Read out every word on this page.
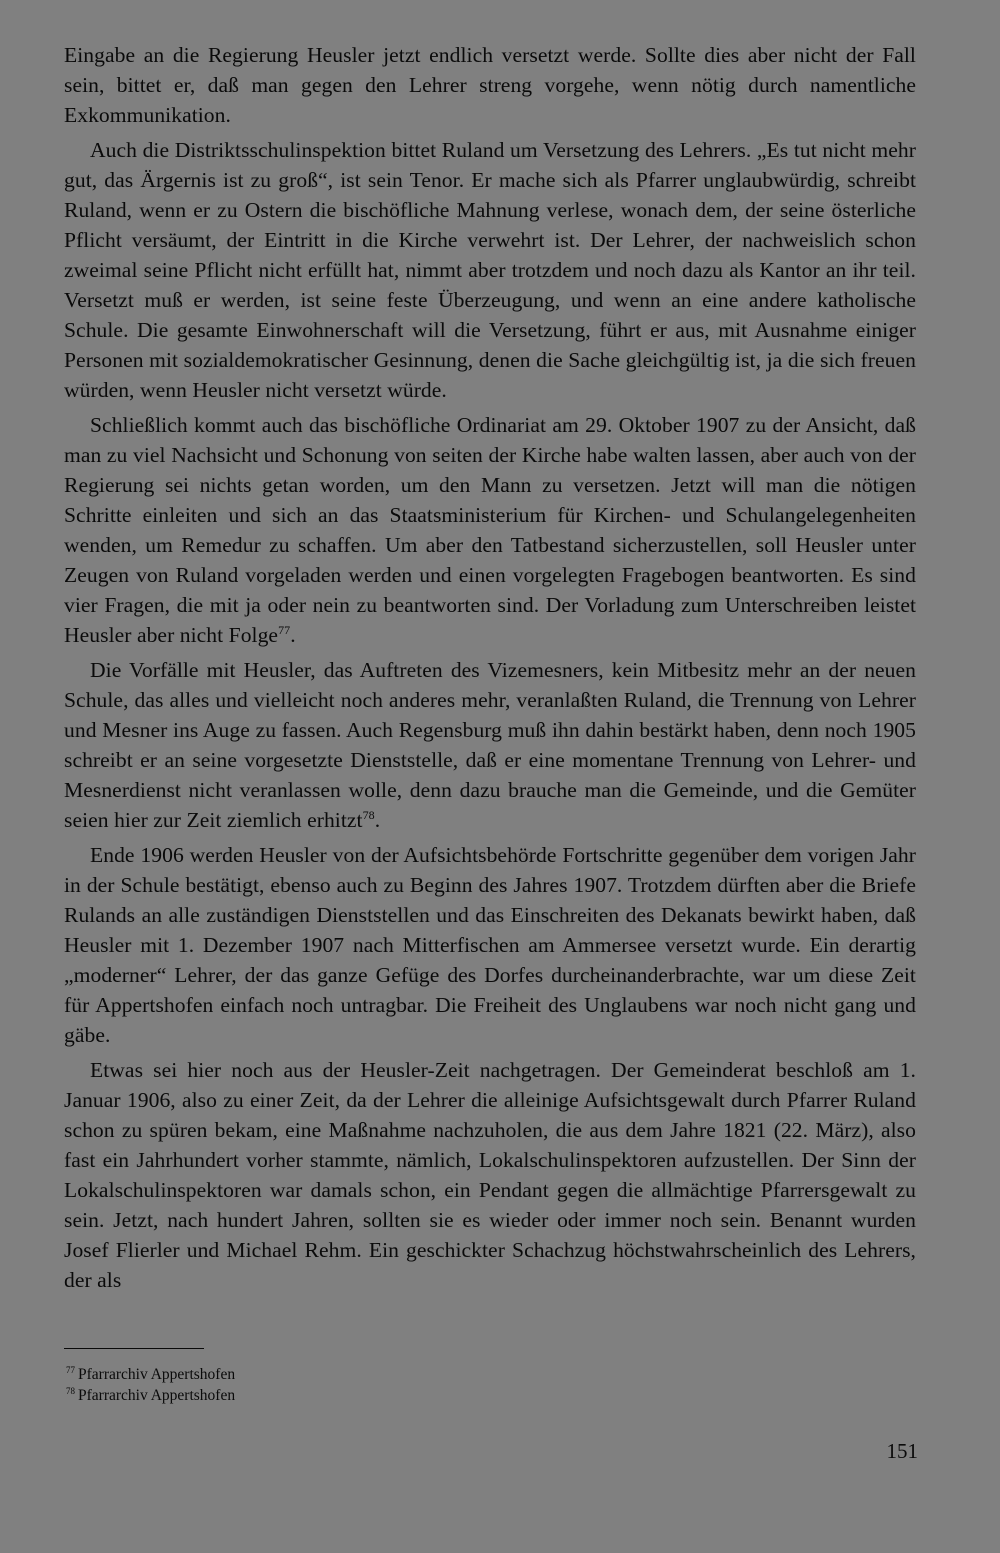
Eingabe an die Regierung Heusler jetzt endlich versetzt werde. Sollte dies aber nicht der Fall sein, bittet er, daß man gegen den Lehrer streng vorgehe, wenn nötig durch namentliche Exkommunikation.

Auch die Distriktsschulinspektion bittet Ruland um Versetzung des Lehrers. „Es tut nicht mehr gut, das Ärgernis ist zu groß“, ist sein Tenor. Er mache sich als Pfarrer unglaubwürdig, schreibt Ruland, wenn er zu Ostern die bischöfliche Mahnung verlese, wonach dem, der seine österliche Pflicht versäumt, der Eintritt in die Kirche verwehrt ist. Der Lehrer, der nachweislich schon zweimal seine Pflicht nicht erfüllt hat, nimmt aber trotzdem und noch dazu als Kantor an ihr teil. Versetzt muß er werden, ist seine feste Überzeugung, und wenn an eine andere katholische Schule. Die gesamte Einwohnerschaft will die Versetzung, führt er aus, mit Ausnahme einiger Personen mit sozialdemokratischer Gesinnung, denen die Sache gleichgültig ist, ja die sich freuen würden, wenn Heusler nicht versetzt würde.

Schließlich kommt auch das bischöfliche Ordinariat am 29. Oktober 1907 zu der Ansicht, daß man zu viel Nachsicht und Schonung von seiten der Kirche habe walten lassen, aber auch von der Regierung sei nichts getan worden, um den Mann zu versetzen. Jetzt will man die nötigen Schritte einleiten und sich an das Staatsministerium für Kirchen- und Schulangelegenheiten wenden, um Remedur zu schaffen. Um aber den Tatbestand sicherzustellen, soll Heusler unter Zeugen von Ruland vorgeladen werden und einen vorgelegten Fragebogen beantworten. Es sind vier Fragen, die mit ja oder nein zu beantworten sind. Der Vorladung zum Unterschreiben leistet Heusler aber nicht Folge$^{77}$.

Die Vorfälle mit Heusler, das Auftreten des Vizemesners, kein Mitbesitz mehr an der neuen Schule, das alles und vielleicht noch anderes mehr, veranlaßten Ruland, die Trennung von Lehrer und Mesner ins Auge zu fassen. Auch Regensburg muß ihn dahin bestärkt haben, denn noch 1905 schreibt er an seine vorgesetzte Dienststelle, daß er eine momentane Trennung von Lehrer- und Mesnerdienst nicht veranlassen wolle, denn dazu brauche man die Gemeinde, und die Gemüter seien hier zur Zeit ziemlich erhitzt$^{78}$.

Ende 1906 werden Heusler von der Aufsichtsbehörde Fortschritte gegenüber dem vorigen Jahr in der Schule bestätigt, ebenso auch zu Beginn des Jahres 1907. Trotzdem dürften aber die Briefe Rulands an alle zuständigen Dienststellen und das Einschreiten des Dekanats bewirkt haben, daß Heusler mit 1. Dezember 1907 nach Mitterfischen am Ammersee versetzt wurde. Ein derartig „moderner“ Lehrer, der das ganze Gefüge des Dorfes durcheinanderbrachte, war um diese Zeit für Appertshofen einfach noch untragbar. Die Freiheit des Unglaubens war noch nicht gang und gäbe.

Etwas sei hier noch aus der Heusler-Zeit nachgetragen. Der Gemeinderat beschloß am 1. Januar 1906, also zu einer Zeit, da der Lehrer die alleinige Aufsichtsgewalt durch Pfarrer Ruland schon zu spüren bekam, eine Maßnahme nachzuholen, die aus dem Jahre 1821 (22. März), also fast ein Jahrhundert vorher stammte, nämlich, Lokalschulinspektoren aufzustellen. Der Sinn der Lokalschulinspektoren war damals schon, ein Pendant gegen die allmächtige Pfarrersgewalt zu sein. Jetzt, nach hundert Jahren, sollten sie es wieder oder immer noch sein. Benannt wurden Josef Flierler und Michael Rehm. Ein geschickter Schachzug höchstwahrscheinlich des Lehrers, der als

$^{77}$ Pfarrarchiv Appertshofen

$^{78}$ Pfarrarchiv Appertshofen

151
